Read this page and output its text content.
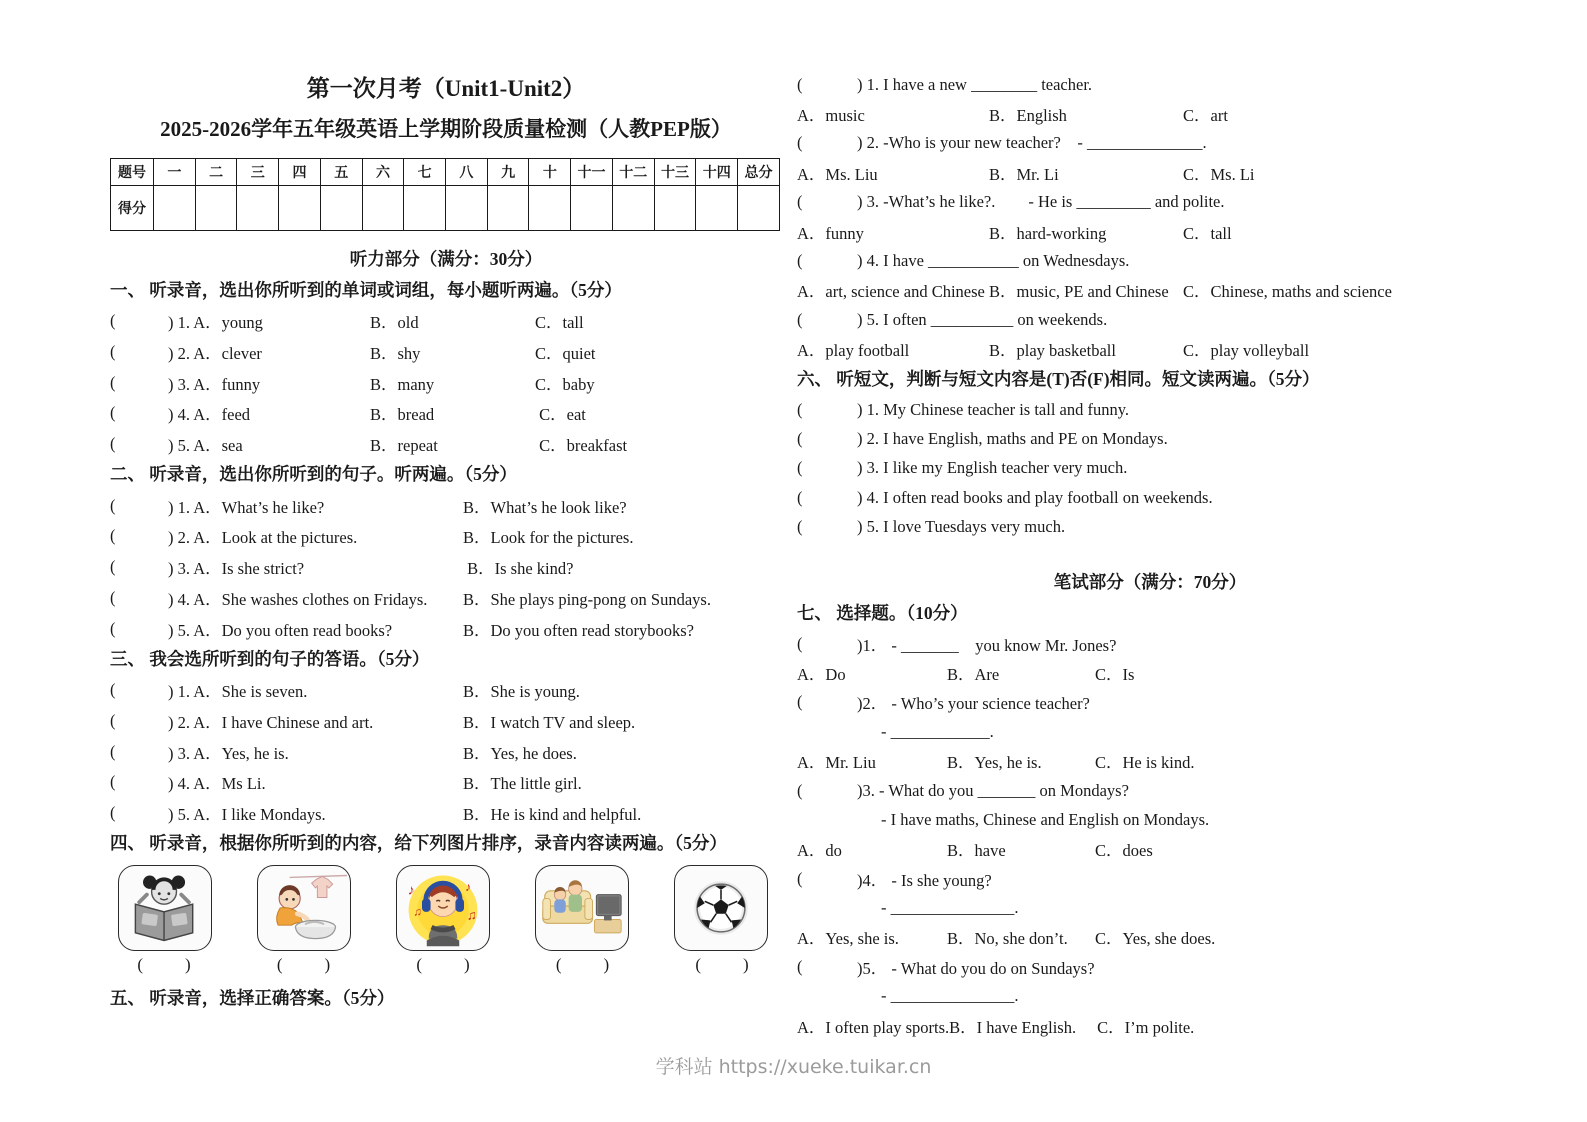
第一次月考（Unit1-Unit2）
2025-2026学年五年级英语上学期阶段质量检测（人教PEP版）
题号	一	二	三	四	五	六	七	八	九	十	十一	十二	十三	十四	总分
得分															
听力部分（满分：30分）
一、 听录音，选出你所听到的单词或词组，每小题听两遍。（5分）
(	) 1. A．young	B．old	C．tall
(	) 2. A．clever	B．shy	C．quiet
(	) 3. A．funny	B．many	C．baby
(	) 4. A．feed	B．bread	C．eat
(	) 5. A．sea	B．repeat	C．breakfast
二、 听录音，选出你所听到的句子。听两遍。（5分）
(	) 1. A．What’s he like?	B．What’s he look like?
(	) 2. A．Look at the pictures.	B．Look for the pictures.
(	) 3. A．Is she strict?	B．Is she kind?
(	) 4. A．She washes clothes on Fridays.	B．She plays ping-pong on Sundays.
(	) 5. A．Do you often read books?	B．Do you often read storybooks?
三、 我会选所听到的句子的答语。（5分）
(	) 1. A．She is seven.	B．She is young.
(	) 2. A．I have Chinese and art.	B．I watch TV and sleep.
(	) 3. A．Yes, he is.	B．Yes, he does.
(	) 4. A．Ms Li.	B．The little girl.
(	) 5. A．I like Mondays.	B．He is kind and helpful.
四、 听录音，根据你所听到的内容，给下列图片排序，录音内容读两遍。（5分）
♪
♫
♪
♫
( )	( )	( )	( )	( )
五、 听录音，选择正确答案。（5分）
(	) 1. I have a new ________ teacher.
A．music	B．English	C．art
(	) 2. -Who is your new teacher?    - ______________.
A．Ms. Liu	B．Mr. Li	C．Ms. Li
(	) 3. -What’s he like?.        - He is _________ and polite.
A．funny	B．hard-working	C．tall
(	) 4. I have ___________ on Wednesdays.
A．art, science and Chinese B．music, PE and Chinese C．Chinese, maths and science
(	) 5. I often __________ on weekends.
A．play football	B．play basketball	C．play volleyball
六、 听短文，判断与短文内容是(T)否(F)相同。短文读两遍。（5分）
(	) 1. My Chinese teacher is tall and funny.
(	) 2. I have English, maths and PE on Mondays.
(	) 3. I like my English teacher very much.
(	) 4. I often read books and play football on weekends.
(	) 5. I love Tuesdays very much.
笔试部分（满分：70分）
七、 选择题。（10分）
(	)1． - _______    you know Mr. Jones?
A．Do	B．Are	C．Is
(	)2． - Who’s your science teacher?
- ____________.
A．Mr. Liu	B．Yes, he is.	C．He is kind.
(	)3. - What do you _______ on Mondays?
- I have maths, Chinese and English on Mondays.
A．do	B．have	C．does
(	)4． - Is she young?
- _______________.
A．Yes, she is.	B．No, she don’t.	C．Yes, she does.
(	)5． - What do you do on Sundays?
- _______________.
A．I often play sports. B．I have English.	C．I’m polite.
学科站 https://xueke.tuikar.cn
